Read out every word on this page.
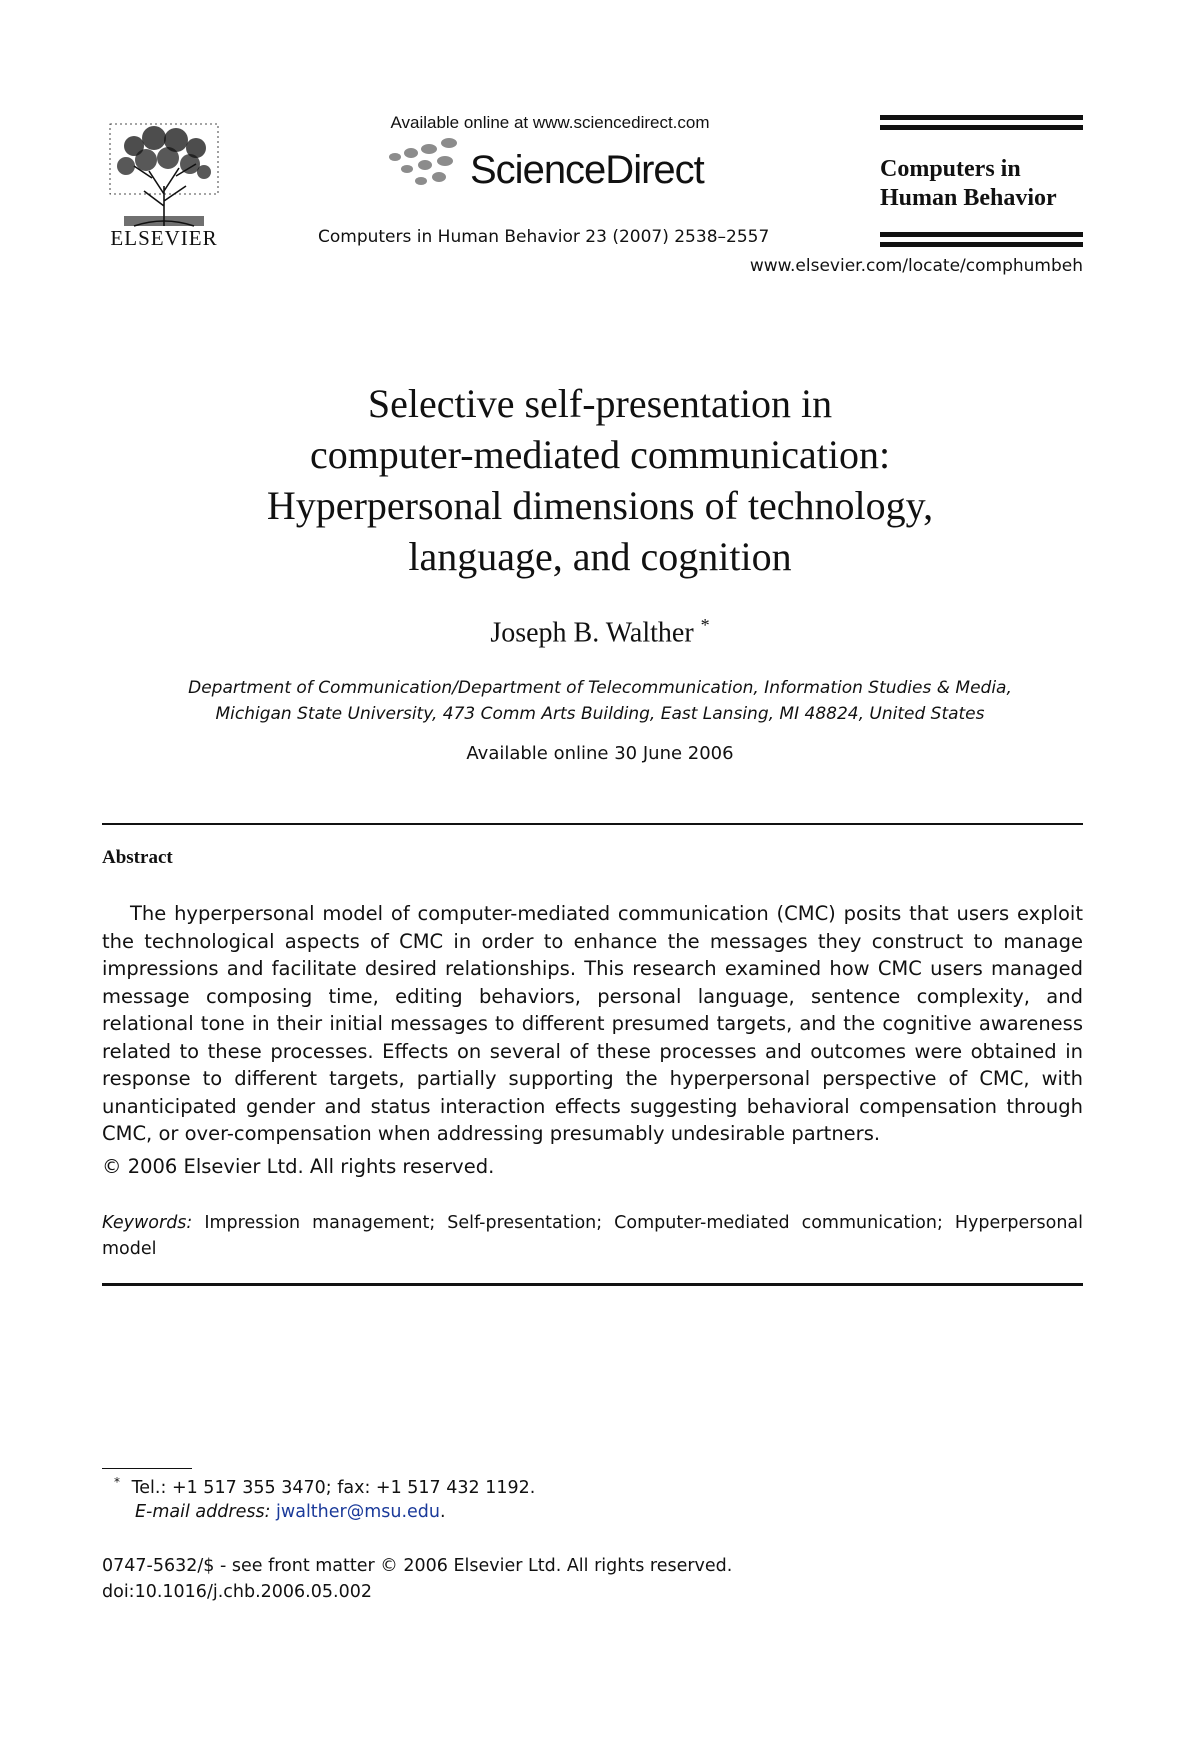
ELSEVIER
Available online at www.sciencedirect.com
ScienceDirect
Computers in Human Behavior 23 (2007) 2538–2557
www.elsevier.com/locate/comphumbeh
Computers in
Human Behavior
Selective self-presentation in
computer-mediated communication:
Hyperpersonal dimensions of technology,
language, and cognition
Joseph B. Walther *
Department of Communication/Department of Telecommunication, Information Studies & Media,
Michigan State University, 473 Comm Arts Building, East Lansing, MI 48824, United States
Available online 30 June 2006
Abstract
The hyperpersonal model of computer-mediated communication (CMC) posits that users exploit the technological aspects of CMC in order to enhance the messages they construct to manage impressions and facilitate desired relationships. This research examined how CMC users managed message composing time, editing behaviors, personal language, sentence complexity, and relational tone in their initial messages to different presumed targets, and the cognitive awareness related to these processes. Effects on several of these processes and outcomes were obtained in response to different targets, partially supporting the hyperpersonal perspective of CMC, with unanticipated gender and status interaction effects suggesting behavioral compensation through CMC, or over-compensation when addressing presumably undesirable partners.
© 2006 Elsevier Ltd. All rights reserved.
Keywords: Impression management; Self-presentation; Computer-mediated communication; Hyperpersonal model
* Tel.: +1 517 355 3470; fax: +1 517 432 1192.
E-mail address: jwalther@msu.edu.
0747-5632/$ - see front matter © 2006 Elsevier Ltd. All rights reserved.
doi:10.1016/j.chb.2006.05.002
